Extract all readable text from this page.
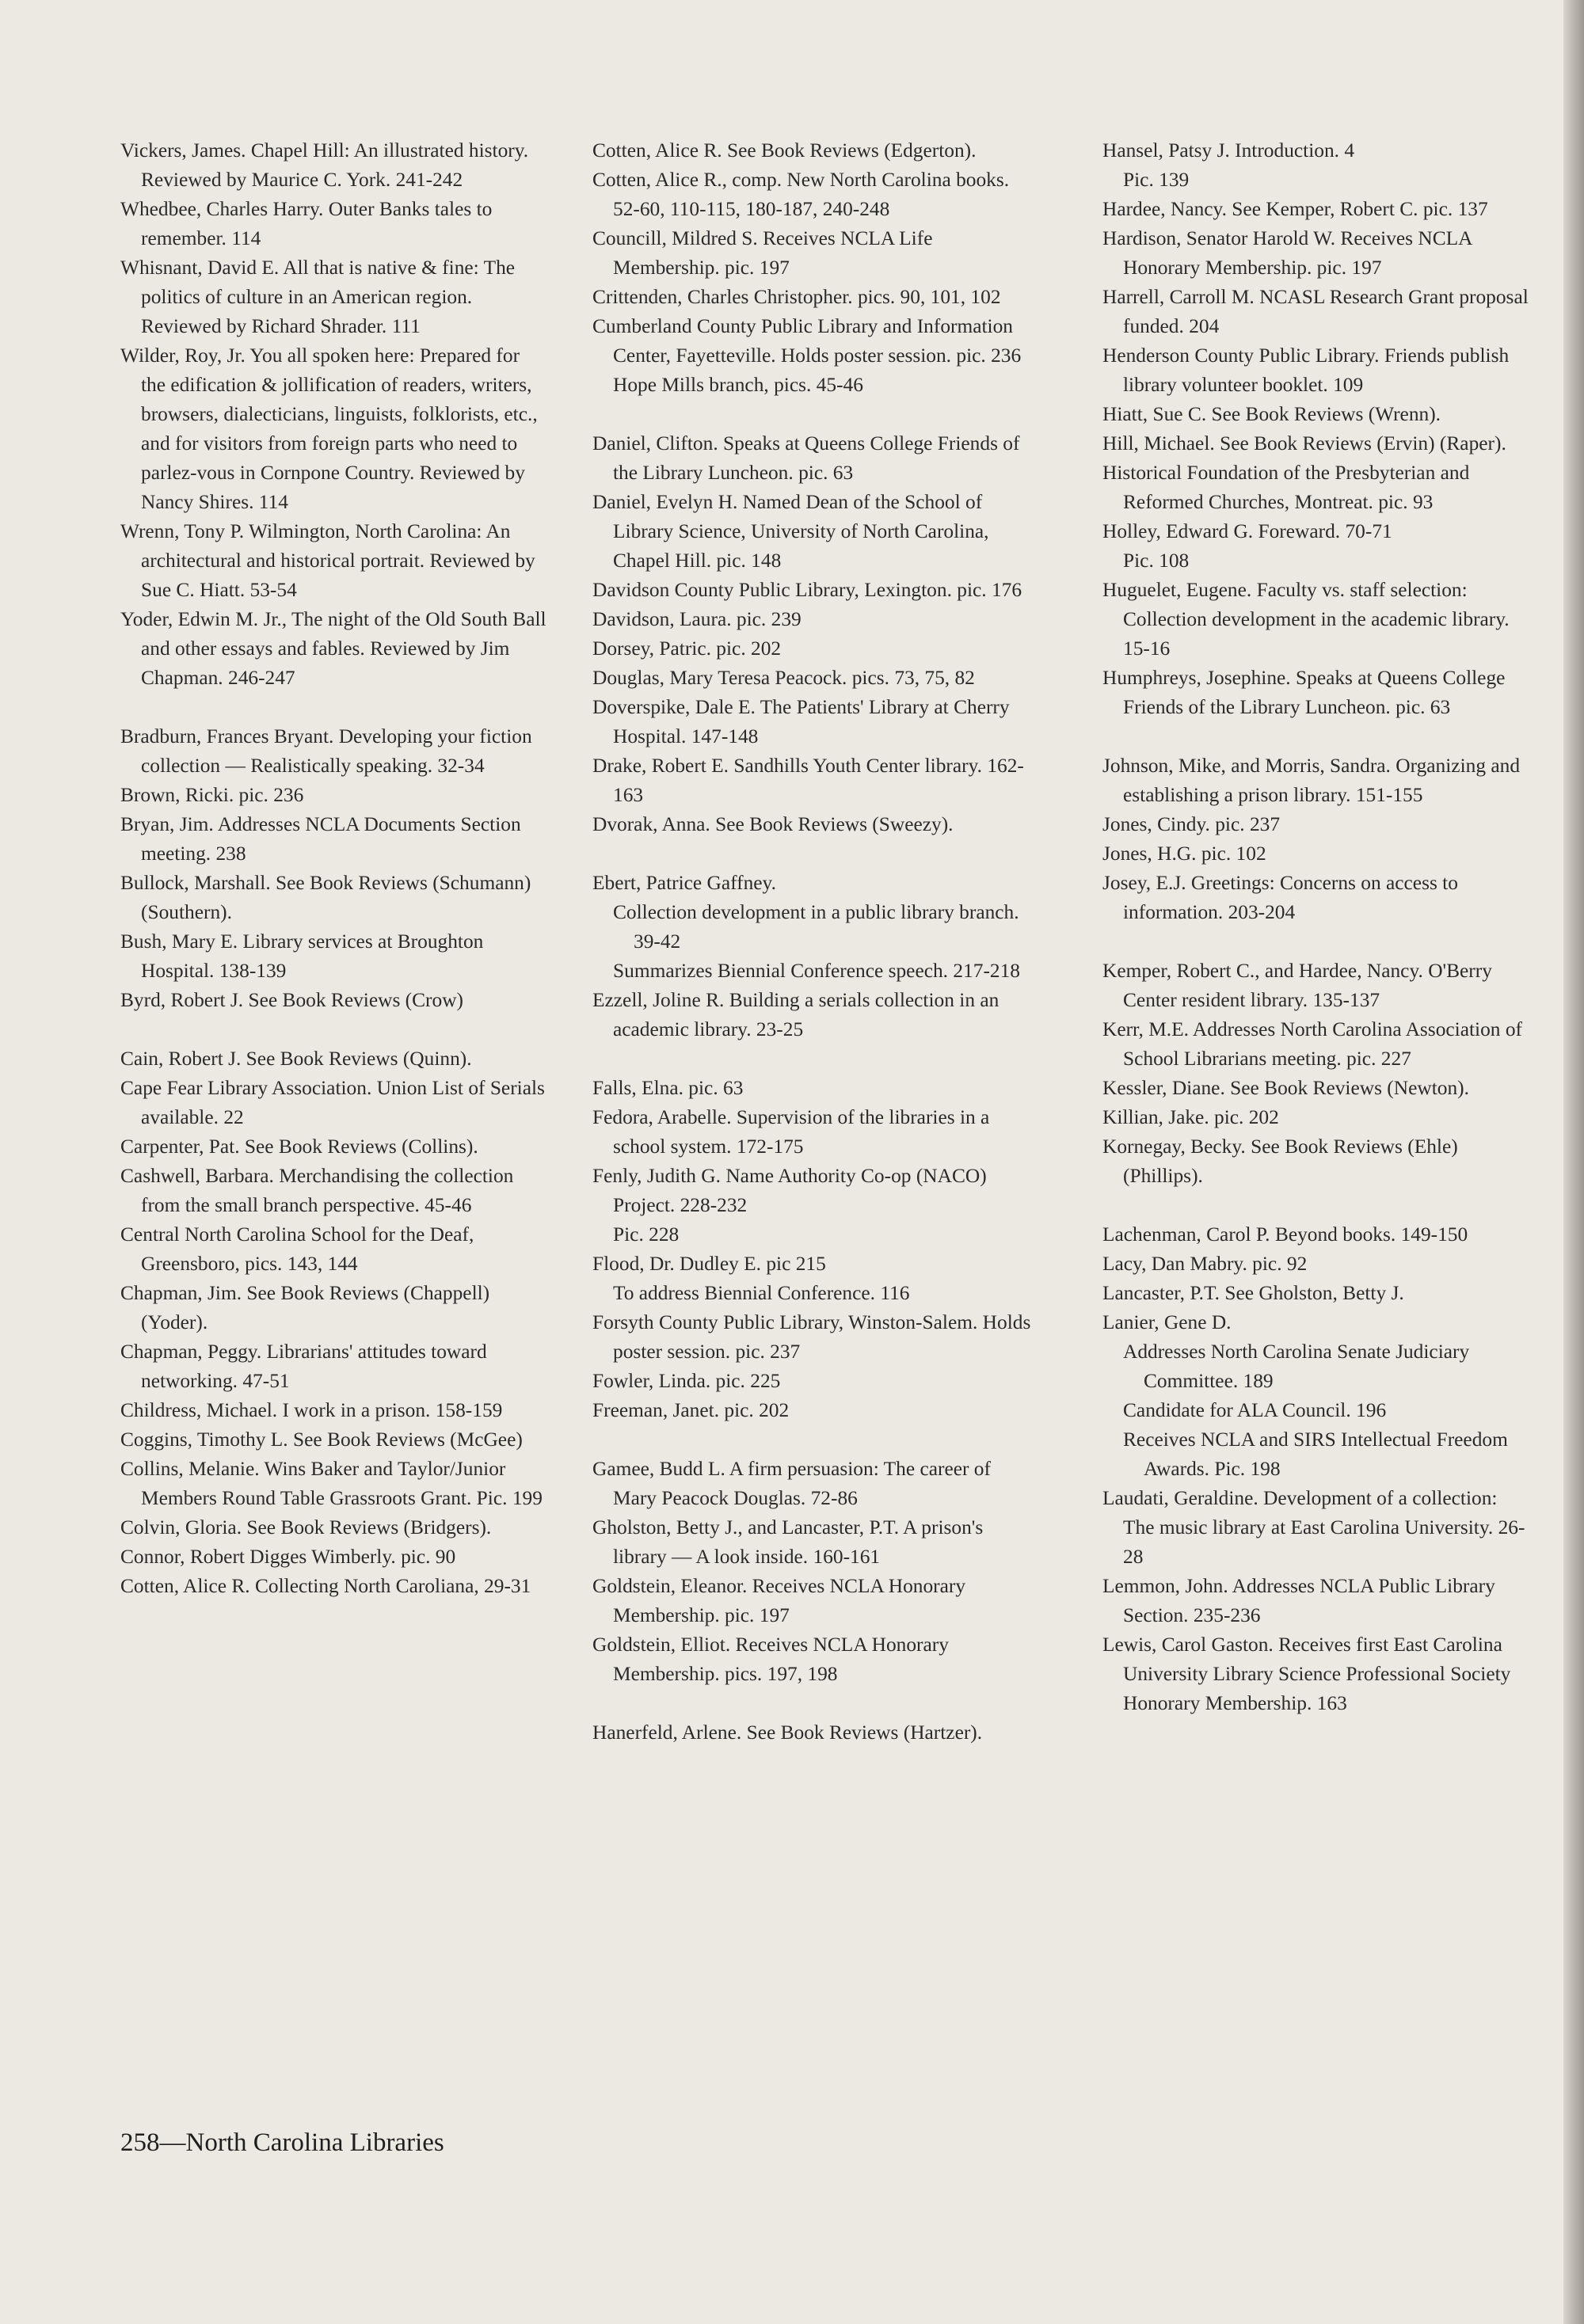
Vickers, James. Chapel Hill: An illustrated history. Reviewed by Maurice C. York. 241-242
Whedbee, Charles Harry. Outer Banks tales to remember. 114
Whisnant, David E. All that is native & fine: The politics of culture in an American region. Reviewed by Richard Shrader. 111
Wilder, Roy, Jr. You all spoken here: Prepared for the edification & jollification of readers, writers, browsers, dialecticians, linguists, folklorists, etc., and for visitors from foreign parts who need to parlez-vous in Cornpone Country. Reviewed by Nancy Shires. 114
Wrenn, Tony P. Wilmington, North Carolina: An architectural and historical portrait. Reviewed by Sue C. Hiatt. 53-54
Yoder, Edwin M. Jr., The night of the Old South Ball and other essays and fables. Reviewed by Jim Chapman. 246-247
Bradburn, Frances Bryant. Developing your fiction collection — Realistically speaking. 32-34
Brown, Ricki. pic. 236
Bryan, Jim. Addresses NCLA Documents Section meeting. 238
Bullock, Marshall. See Book Reviews (Schumann) (Southern).
Bush, Mary E. Library services at Broughton Hospital. 138-139
Byrd, Robert J. See Book Reviews (Crow)
Cain, Robert J. See Book Reviews (Quinn).
Cape Fear Library Association. Union List of Serials available. 22
Carpenter, Pat. See Book Reviews (Collins).
Cashwell, Barbara. Merchandising the collection from the small branch perspective. 45-46
Central North Carolina School for the Deaf, Greensboro, pics. 143, 144
Chapman, Jim. See Book Reviews (Chappell) (Yoder).
Chapman, Peggy. Librarians' attitudes toward networking. 47-51
Childress, Michael. I work in a prison. 158-159
Coggins, Timothy L. See Book Reviews (McGee)
Collins, Melanie. Wins Baker and Taylor/Junior Members Round Table Grassroots Grant. Pic. 199
Colvin, Gloria. See Book Reviews (Bridgers).
Connor, Robert Digges Wimberly. pic. 90
Cotten, Alice R. Collecting North Caroliana, 29-31
Cotten, Alice R. See Book Reviews (Edgerton).
Cotten, Alice R., comp. New North Carolina books. 52-60, 110-115, 180-187, 240-248
Councill, Mildred S. Receives NCLA Life Membership. pic. 197
Crittenden, Charles Christopher. pics. 90, 101, 102
Cumberland County Public Library and Information Center, Fayetteville. Holds poster session. pic. 236
Hope Mills branch, pics. 45-46
Daniel, Clifton. Speaks at Queens College Friends of the Library Luncheon. pic. 63
Daniel, Evelyn H. Named Dean of the School of Library Science, University of North Carolina, Chapel Hill. pic. 148
Davidson County Public Library, Lexington. pic. 176
Davidson, Laura. pic. 239
Dorsey, Patric. pic. 202
Douglas, Mary Teresa Peacock. pics. 73, 75, 82
Doverspike, Dale E. The Patients' Library at Cherry Hospital. 147-148
Drake, Robert E. Sandhills Youth Center library. 162-163
Dvorak, Anna. See Book Reviews (Sweezy).
Ebert, Patrice Gaffney.
Collection development in a public library branch. 39-42
Summarizes Biennial Conference speech. 217-218
Ezzell, Joline R. Building a serials collection in an academic library. 23-25
Falls, Elna. pic. 63
Fedora, Arabelle. Supervision of the libraries in a school system. 172-175
Fenly, Judith G. Name Authority Co-op (NACO) Project. 228-232
Pic. 228
Flood, Dr. Dudley E. pic 215
To address Biennial Conference. 116
Forsyth County Public Library, Winston-Salem. Holds poster session. pic. 237
Fowler, Linda. pic. 225
Freeman, Janet. pic. 202
Gamee, Budd L. A firm persuasion: The career of Mary Peacock Douglas. 72-86
Gholston, Betty J., and Lancaster, P.T. A prison's library — A look inside. 160-161
Goldstein, Eleanor. Receives NCLA Honorary Membership. pic. 197
Goldstein, Elliot. Receives NCLA Honorary Membership. pics. 197, 198
Hanerfeld, Arlene. See Book Reviews (Hartzer).
Hansel, Patsy J. Introduction. 4
Pic. 139
Hardee, Nancy. See Kemper, Robert C. pic. 137
Hardison, Senator Harold W. Receives NCLA Honorary Membership. pic. 197
Harrell, Carroll M. NCASL Research Grant proposal funded. 204
Henderson County Public Library. Friends publish library volunteer booklet. 109
Hiatt, Sue C. See Book Reviews (Wrenn).
Hill, Michael. See Book Reviews (Ervin) (Raper).
Historical Foundation of the Presbyterian and Reformed Churches, Montreat. pic. 93
Holley, Edward G. Foreward. 70-71
Pic. 108
Huguelet, Eugene. Faculty vs. staff selection: Collection development in the academic library. 15-16
Humphreys, Josephine. Speaks at Queens College Friends of the Library Luncheon. pic. 63
Johnson, Mike, and Morris, Sandra. Organizing and establishing a prison library. 151-155
Jones, Cindy. pic. 237
Jones, H.G. pic. 102
Josey, E.J. Greetings: Concerns on access to information. 203-204
Kemper, Robert C., and Hardee, Nancy. O'Berry Center resident library. 135-137
Kerr, M.E. Addresses North Carolina Association of School Librarians meeting. pic. 227
Kessler, Diane. See Book Reviews (Newton).
Killian, Jake. pic. 202
Kornegay, Becky. See Book Reviews (Ehle) (Phillips).
Lachenman, Carol P. Beyond books. 149-150
Lacy, Dan Mabry. pic. 92
Lancaster, P.T. See Gholston, Betty J.
Lanier, Gene D.
Addresses North Carolina Senate Judiciary Committee. 189
Candidate for ALA Council. 196
Receives NCLA and SIRS Intellectual Freedom Awards. Pic. 198
Laudati, Geraldine. Development of a collection: The music library at East Carolina University. 26-28
Lemmon, John. Addresses NCLA Public Library Section. 235-236
Lewis, Carol Gaston. Receives first East Carolina University Library Science Professional Society Honorary Membership. 163
258—North Carolina Libraries
